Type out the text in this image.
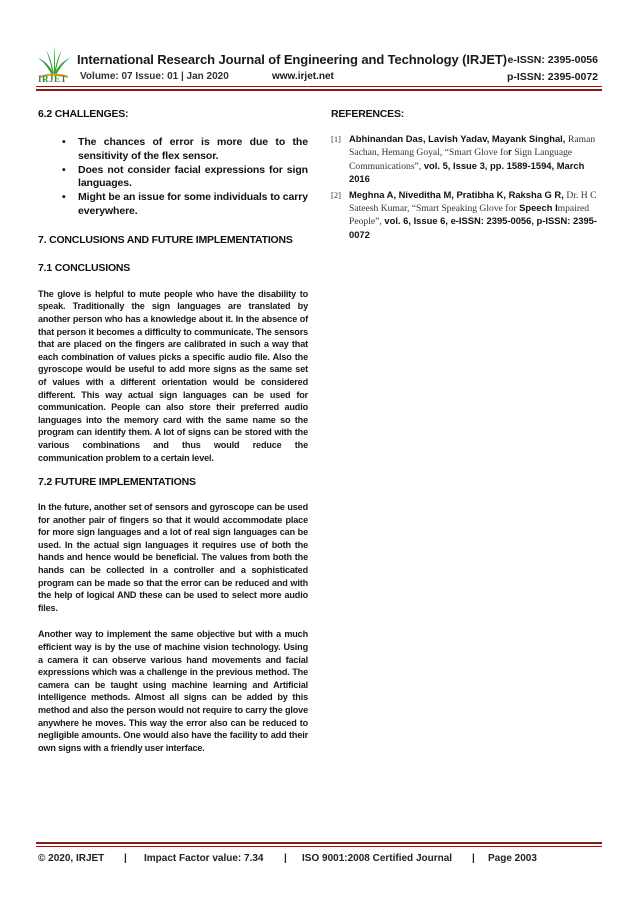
IRJET
International Research Journal of Engineering and Technology (IRJET) e-ISSN: 2395-0056
Volume: 07 Issue: 01 | Jan 2020	www.irjet.net	p-ISSN: 2395-0072
6.2 CHALLENGES:
• The chances of error is more due to the sensitivity of the flex sensor.
• Does not consider facial expressions for sign languages.
• Might be an issue for some individuals to carry everywhere.
7. CONCLUSIONS AND FUTURE IMPLEMENTATIONS
7.1 CONCLUSIONS

The glove is helpful to mute people who have the disability to speak. Traditionally the sign languages are translated by another person who has a knowledge about it. In the absence of that person it becomes a difficulty to communicate. The sensors that are placed on the fingers are calibrated in such a way that each combination of values picks a specific audio file. Also the gyroscope would be useful to add more signs as the same set of values with a different orientation would be considered different. This way actual sign languages can be used for communication. People can also store their preferred audio languages into the memory card with the same name so the program can identify them. A lot of signs can be stored with the various combinations and thus would reduce the communication problem to a certain level.

7.2 FUTURE IMPLEMENTATIONS

In the future, another set of sensors and gyroscope can be used for another pair of fingers so that it would accommodate place for more sign languages and a lot of real sign languages can be used. In the actual sign languages it requires use of both the hands and hence would be beneficial. The values from both the hands can be collected in a controller and a sophisticated program can be made so that the error can be reduced and with the help of logical AND these can be used to select more audio files.

Another way to implement the same objective but with a much efficient way is by the use of machine vision technology. Using a camera it can observe various hand movements and facial expressions which was a challenge in the previous method. The camera can be taught using machine learning and Artificial intelligence methods. Almost all signs can be added by this method and also the person would not require to carry the glove anywhere he moves. This way the error also can be reduced to negligible amounts. One would also have the facility to add their own signs with a friendly user interface.

REFERENCES:
[1] Abhinandan Das, Lavish Yadav, Mayank Singhal, Raman Sachan, Hemang Goyal, “Smart Glove for Sign Language Communications”, vol. 5, Issue 3, pp. 1589-1594, March 2016
[2] Meghna A, Niveditha M, Pratibha K, Raksha G R, Dr. H C Sateesh Kumar, “Smart Speaking Glove for Speech Impaired People”, vol. 6, Issue 6, e-ISSN: 2395-0056, p-ISSN: 2395-0072
© 2020, IRJET | Impact Factor value: 7.34 | ISO 9001:2008 Certified Journal | Page 2003
